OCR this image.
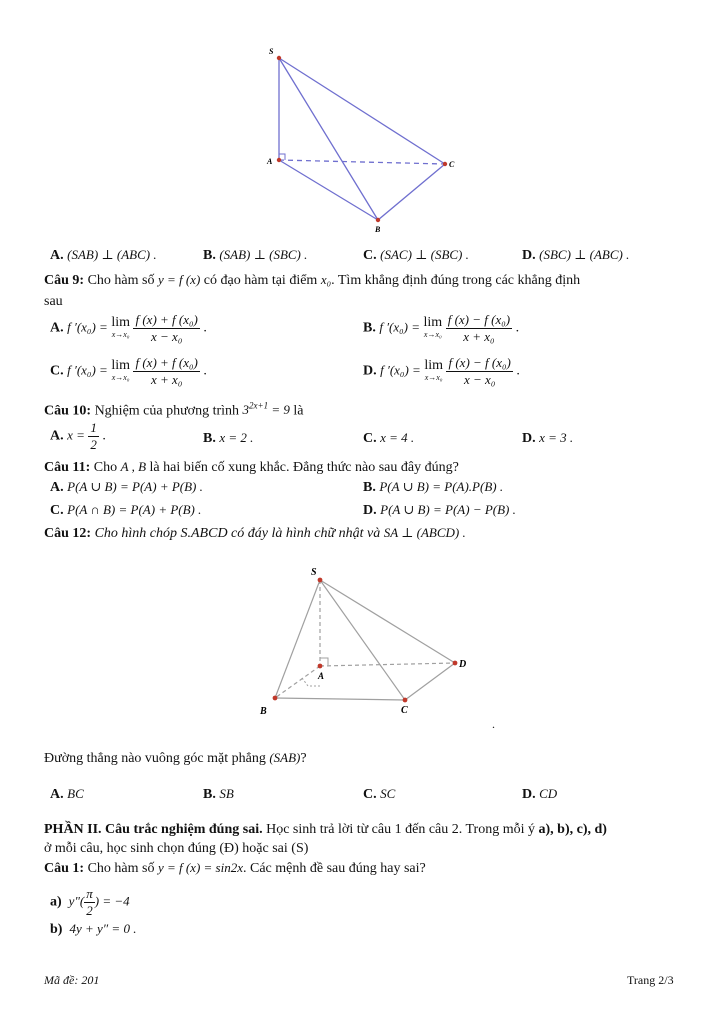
S
A
B
C
A. (SAB) ⊥ (ABC) .	B. (SAB) ⊥ (SBC) .	C. (SAC) ⊥ (SBC) .	D. (SBC) ⊥ (ABC) .
Câu 9: Cho hàm số y = f (x) có đạo hàm tại điểm x₀. Tìm khẳng định đúng trong các khẳng định
sau
A. f ′(x₀) = lim
x→x₀
$\frac{\text{f (x) + f (x₀)}}{\text{x − x₀}}$ .	B. f ′(x₀) = lim
x→x₀
$\frac{\text{f (x) − f (x₀)}}{\text{x + x₀}}$ .
C. f ′(x₀) = lim
x→x₀
$\frac{\text{f (x) + f (x₀)}}{\text{x + x₀}}$ .	D. f ′(x₀) = lim
x→x₀
$\frac{\text{f (x) − f (x₀)}}{\text{x − x₀}}$ .
Câu 10: Nghiệm của phương trình $3^{2x+1} = 9$ là
A. $x = \frac{1}{2}$ .	B. x = 2 .	C. x = 4 .	D. x = 3 .
Câu 11: Cho A , B là hai biến cố xung khắc. Đẳng thức nào sau đây đúng?
A. P(A ∪ B) = P(A) + P(B) .	B. P(A ∪ B) = P(A).P(B) .
C. P(A ∩ B) = P(A) + P(B) .	D. P(A ∪ B) = P(A) − P(B) .
Câu 12: Cho hình chóp S.ABCD có đáy là hình chữ nhật và SA ⊥ (ABCD) .
S
A
B	C
D
.
Đường thẳng nào vuông góc mặt phẳng (SAB)?
A. BC	B. SB	C. SC	D. CD
PHẦN II. Câu trắc nghiệm đúng sai. Học sinh trả lời từ câu 1 đến câu 2. Trong mỗi ý a), b), c), d)
ở mỗi câu, học sinh chọn đúng (Đ) hoặc sai (S)
Câu 1: Cho hàm số y = f (x) = sin2x. Các mệnh đề sau đúng hay sai?
a) y"( $\frac{\pi}{2}$ ) = −4
b) 4y + y″ = 0 .
Mã đề: 201	Trang 2/3
